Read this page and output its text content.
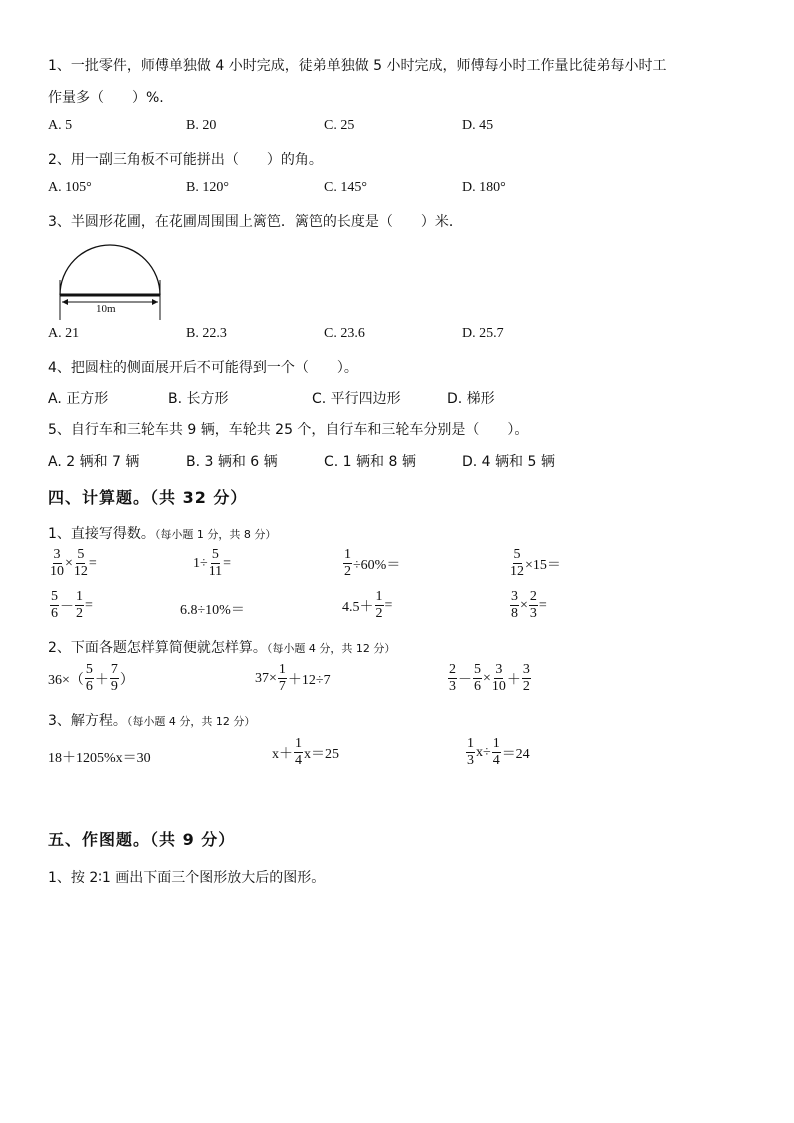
1、一批零件，师傅单独做 4 小时完成，徒弟单独做 5 小时完成，师傅每小时工作量比徒弟每小时工
作量多（　　）%.
A. 5	B. 20	C. 25	D. 45
2、用一副三角板不可能拼出（　　）的角。
A. 105°	B. 120°	C. 145°	D. 180°
3、半圆形花圃，在花圃周围围上篱笆．篱笆的长度是（　　）米．
10m
A. 21	B. 22.3	C. 23.6	D. 25.7
4、把圆柱的侧面展开后不可能得到一个（　　）。
A. 正方形	B. 长方形	C. 平行四边形	D. 梯形
5、自行车和三轮车共 9 辆，车轮共 25 个，自行车和三轮车分别是（　　）。
A. 2 辆和 7 辆	B. 3 辆和 6 辆	C. 1 辆和 8 辆	D. 4 辆和 5 辆
四、计算题。（共 32 分）
1、直接写得数。（每小题 1 分，共 8 分）
$\frac{3}{10} \times \frac{5}{12}$ =	$1\div \frac{5}{11}$ =	$\frac{1}{2} \div 60\%=$	$\frac{5}{12} \times 15=$
$\frac{5}{6} - \frac{1}{2}$ =	6.8÷10%＝	$4.5+ \frac{1}{2}$ =	$\frac{3}{8} \times \frac{2}{3}$ =
2、下面各题怎样算简便就怎样算。（每小题 4 分，共 12 分）
$36\times( \frac{5}{6} + \frac{7}{9}$ ）	$37\times \frac{1}{7} +12\div 7$	$\frac{2}{3} - \frac{5}{6} \times \frac{3}{10} + \frac{3}{2}$
3、解方程。（每小题 4 分，共 12 分）
18＋1205%x＝30	$x+ \frac{1}{4} x=25$	$\frac{1}{3} x\div \frac{1}{4} =24$
五、作图题。（共 9 分）
1、按 2∶1 画出下面三个图形放大后的图形。
